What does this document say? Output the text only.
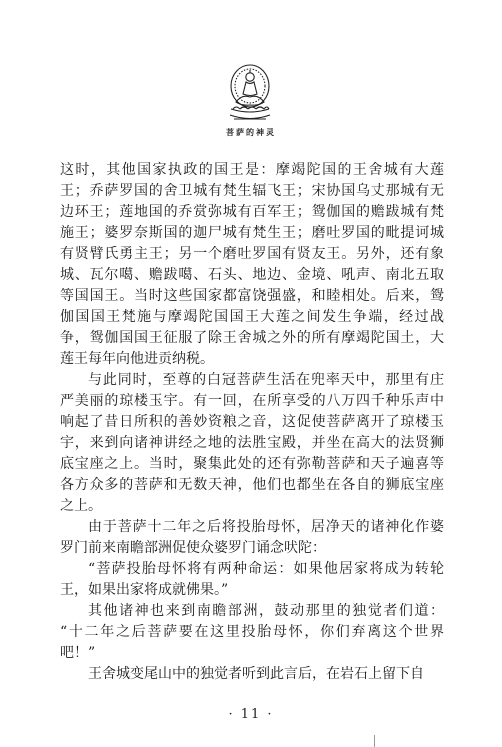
菩萨的神灵

这时，其他国家执政的国王是：摩竭陀国的王舍城有大莲
王；乔萨罗国的舍卫城有梵生辐飞王；宋协国乌丈那城有无
边环王；莲地国的乔赏弥城有百军王；鸳伽国的赡跋城有梵
施王；婆罗奈斯国的迦尸城有梵生王；磨吐罗国的毗提诃城
有贤臂氏勇主王；另一个磨吐罗国有贤友王。另外，还有象
城、瓦尔噶、赡跋噶、石头、地边、金境、吼声、南北五取
等国国王。当时这些国家都富饶强盛，和睦相处。后来，鸳
伽国国王梵施与摩竭陀国国王大莲之间发生争端，经过战
争，鸳伽国国王征服了除王舍城之外的所有摩竭陀国土，大
莲王每年向他进贡纳税。

与此同时，至尊的白冠菩萨生活在兜率天中，那里有庄
严美丽的琼楼玉宇。有一回，在所享受的八万四千种乐声中
响起了昔日所积的善妙资粮之音，这促使菩萨离开了琼楼玉
宇，来到向诸神讲经之地的法胜宝殿，并坐在高大的法贤狮
底宝座之上。当时，聚集此处的还有弥勒菩萨和天子遍喜等
各方众多的菩萨和无数天神，他们也都坐在各自的狮底宝座
之上。

由于菩萨十二年之后将投胎母怀，居净天的诸神化作婆
罗门前来南瞻部洲促使众婆罗门诵念吠陀：

“菩萨投胎母怀将有两种命运：如果他居家将成为转轮
王，如果出家将成就佛果。”

其他诸神也来到南瞻部洲，鼓动那里的独觉者们道：
“十二年之后菩萨要在这里投胎母怀，你们弃离这个世界
吧！”

王舍城变尾山中的独觉者听到此言后，在岩石上留下自

· 11 ·
